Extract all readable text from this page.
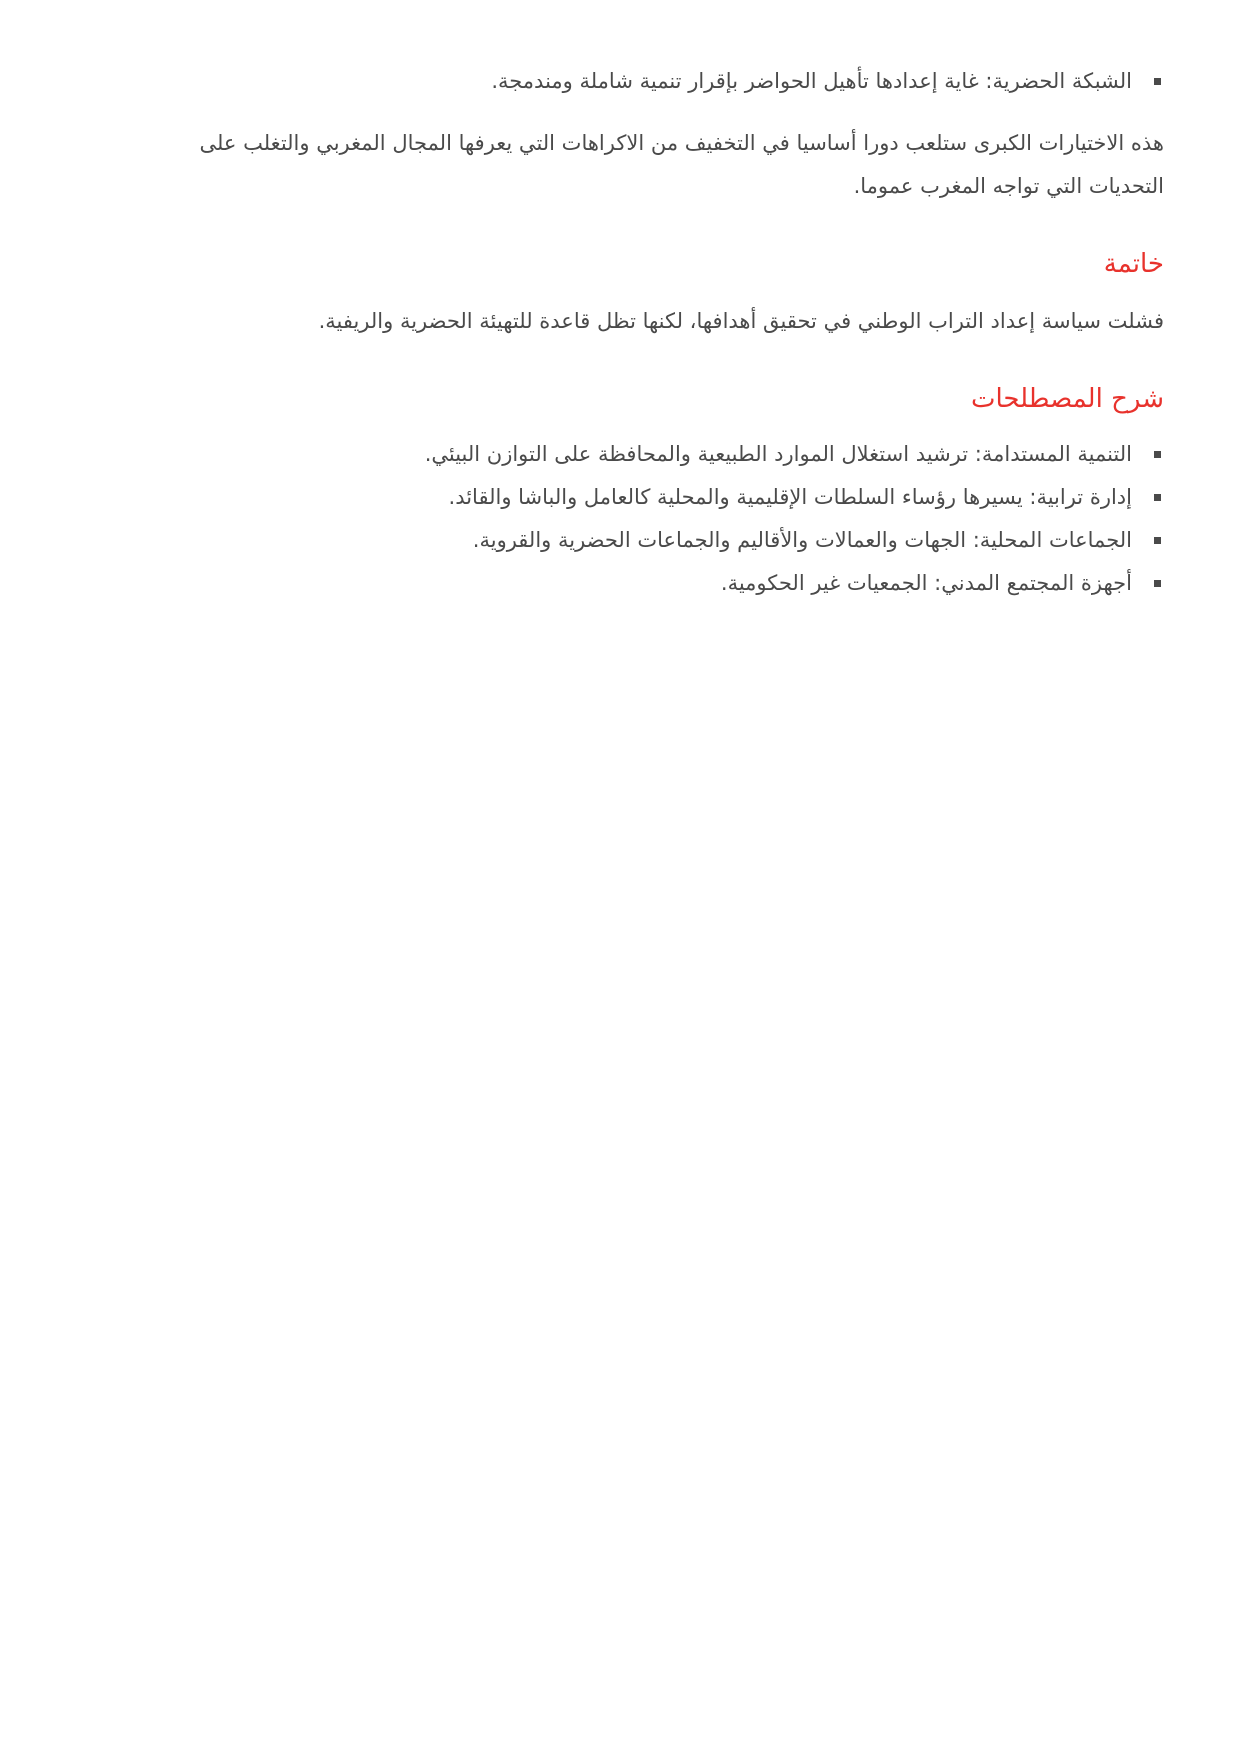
الشبكة الحضرية: غاية إعدادها تأهيل الحواضر بإقرار تنمية شاملة ومندمجة.

هذه الاختيارات الكبرى ستلعب دورا أساسيا في التخفيف من الاكراهات التي يعرفها المجال المغربي والتغلب على التحديات التي تواجه المغرب عموما.

خاتمة

فشلت سياسة إعداد التراب الوطني في تحقيق أهدافها، لكنها تظل قاعدة للتهيئة الحضرية والريفية.

شرح المصطلحات
التنمية المستدامة: ترشيد استغلال الموارد الطبيعية والمحافظة على التوازن البيئي.
إدارة ترابية: يسيرها رؤساء السلطات الإقليمية والمحلية كالعامل والباشا والقائد.
الجماعات المحلية: الجهات والعمالات والأقاليم والجماعات الحضرية والقروية.
أجهزة المجتمع المدني: الجمعيات غير الحكومية.
